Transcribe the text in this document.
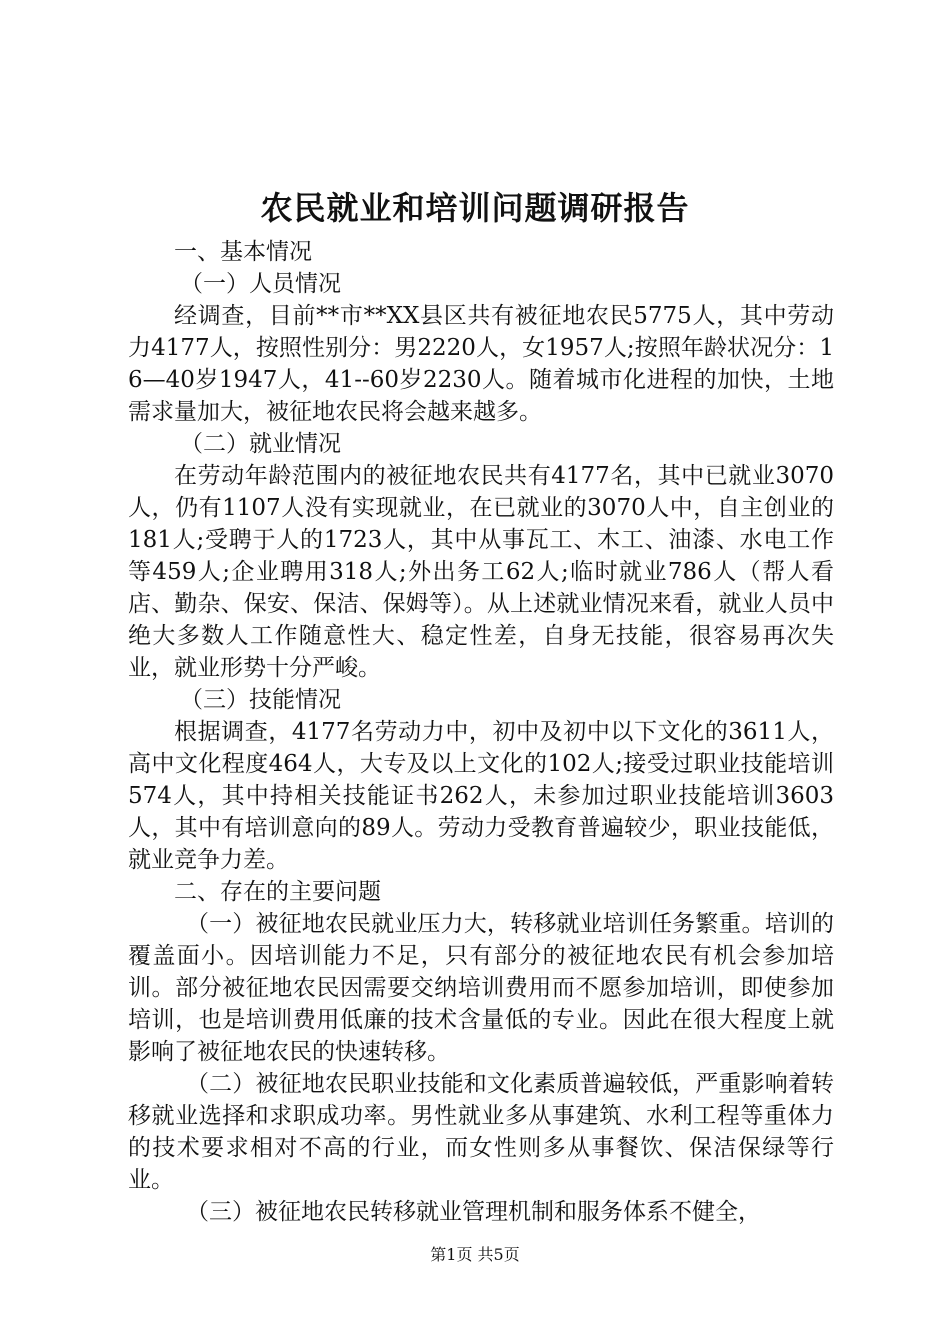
农民就业和培训问题调研报告

一、基本情况

（一）人员情况

经调查，目前**市**XX县区共有被征地农民5775人，其中劳动力4177人，按照性别分：男2220人，女1957人;按照年龄状况分：16—40岁1947人，41--60岁2230人。随着城市化进程的加快，土地需求量加大，被征地农民将会越来越多。

（二）就业情况

在劳动年龄范围内的被征地农民共有4177名，其中已就业3070人，仍有1107人没有实现就业，在已就业的3070人中，自主创业的181人;受聘于人的1723人，其中从事瓦工、木工、油漆、水电工作等459人;企业聘用318人;外出务工62人;临时就业786人（帮人看店、勤杂、保安、保洁、保姆等）。从上述就业情况来看，就业人员中绝大多数人工作随意性大、稳定性差，自身无技能，很容易再次失业，就业形势十分严峻。

（三）技能情况

根据调查，4177名劳动力中，初中及初中以下文化的3611人，高中文化程度464人，大专及以上文化的102人;接受过职业技能培训574人，其中持相关技能证书262人，未参加过职业技能培训3603人，其中有培训意向的89人。劳动力受教育普遍较少，职业技能低，就业竞争力差。

二、存在的主要问题

（一）被征地农民就业压力大，转移就业培训任务繁重。培训的覆盖面小。因培训能力不足，只有部分的被征地农民有机会参加培训。部分被征地农民因需要交纳培训费用而不愿参加培训，即使参加培训，也是培训费用低廉的技术含量低的专业。因此在很大程度上就影响了被征地农民的快速转移。

（二）被征地农民职业技能和文化素质普遍较低，严重影响着转移就业选择和求职成功率。男性就业多从事建筑、水利工程等重体力的技术要求相对不高的行业，而女性则多从事餐饮、保洁保绿等行业。

（三）被征地农民转移就业管理机制和服务体系不健全，

第1页 共5页
